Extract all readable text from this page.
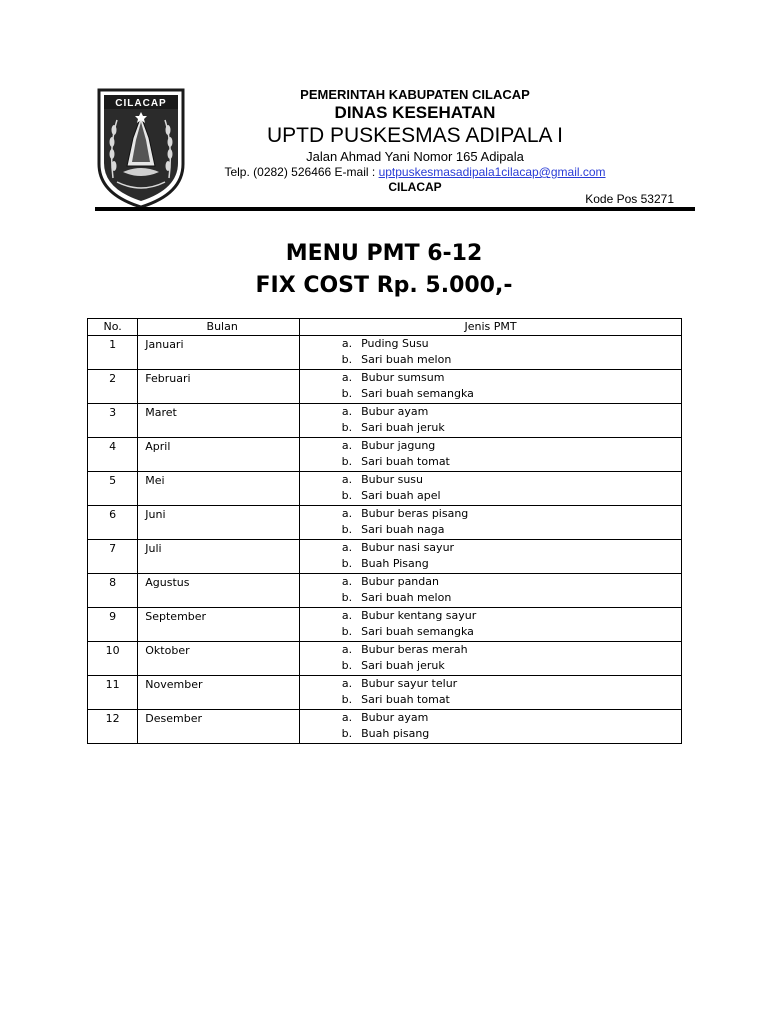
CILACAP
PEMERINTAH KABUPATEN CILACAP
DINAS KESEHATAN
UPTD PUSKESMAS ADIPALA I
Jalan Ahmad Yani Nomor 165 Adipala
Telp. (0282) 526466 E-mail : uptpuskesmasadipala1cilacap@gmail.com
CILACAP
Kode Pos 53271
MENU PMT 6-12
FIX COST Rp. 5.000,-
No.	Bulan	Jenis PMT
1	Januari	a. Puding Susu
b. Sari buah melon

2	Februari	a. Bubur sumsum
b. Sari buah semangka

3	Maret	a. Bubur ayam
b. Sari buah jeruk

4	April	a. Bubur jagung
b. Sari buah tomat

5	Mei	a. Bubur susu
b. Sari buah apel

6	Juni	a. Bubur beras pisang
b. Sari buah naga

7	Juli	a. Bubur nasi sayur
b. Buah Pisang

8	Agustus	a. Bubur pandan
b. Sari buah melon

9	September	a. Bubur kentang sayur
b. Sari buah semangka

10	Oktober	a. Bubur beras merah
b. Sari buah jeruk

11	November	a. Bubur sayur telur
b. Sari buah tomat

12	Desember	a. Bubur ayam
b. Buah pisang
